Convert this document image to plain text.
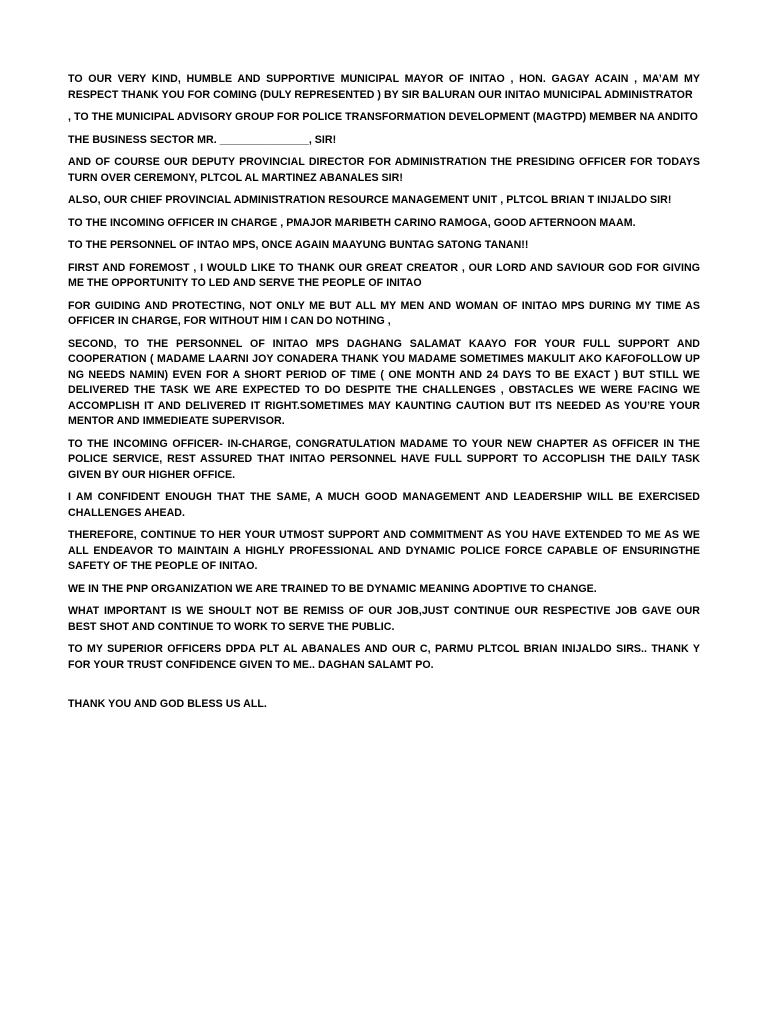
TO OUR VERY KIND, HUMBLE AND SUPPORTIVE MUNICIPAL MAYOR OF INITAO , HON. GAGAY ACAIN , MA’AM MY RESPECT THANK YOU FOR COMING (DULY REPRESENTED ) BY SIR BALURAN OUR INITAO MUNICIPAL ADMINISTRATOR

, TO THE MUNICIPAL ADVISORY GROUP FOR POLICE TRANSFORMATION DEVELOPMENT (MAGTPD) MEMBER NA ANDITO

THE BUSINESS SECTOR MR. _______________, SIR!

AND OF COURSE OUR DEPUTY PROVINCIAL DIRECTOR FOR ADMINISTRATION THE PRESIDING OFFICER FOR TODAYS TURN OVER CEREMONY, PLTCOL AL MARTINEZ ABANALES SIR!

ALSO, OUR CHIEF PROVINCIAL ADMINISTRATION RESOURCE MANAGEMENT UNIT , PLTCOL BRIAN T INIJALDO SIR!

TO THE INCOMING OFFICER IN CHARGE , PMAJOR MARIBETH CARINO RAMOGA, GOOD AFTERNOON MAAM.

TO THE PERSONNEL OF INTAO MPS, ONCE AGAIN MAAYUNG BUNTAG SATONG TANAN!!

FIRST AND FOREMOST , I WOULD LIKE TO THANK OUR GREAT CREATOR , OUR LORD AND SAVIOUR GOD FOR GIVING ME THE OPPORTUNITY TO LED AND SERVE THE PEOPLE OF INITAO

FOR GUIDING AND PROTECTING, NOT ONLY ME BUT ALL MY MEN AND WOMAN OF INITAO MPS DURING MY TIME AS OFFICER IN CHARGE, FOR WITHOUT HIM I CAN DO NOTHING ,

SECOND, TO THE PERSONNEL OF INITAO MPS DAGHANG SALAMAT KAAYO FOR YOUR FULL SUPPORT AND COOPERATION ( MADAME LAARNI JOY CONADERA THANK YOU MADAME SOMETIMES MAKULIT AKO KAFOFOLLOW UP NG NEEDS NAMIN) EVEN FOR A SHORT PERIOD OF TIME ( ONE MONTH AND 24 DAYS TO BE EXACT ) BUT STILL WE DELIVERED THE TASK WE ARE EXPECTED TO DO DESPITE THE CHALLENGES , OBSTACLES WE WERE FACING WE ACCOMPLISH IT AND DELIVERED IT RIGHT.SOMETIMES MAY KAUNTING CAUTION BUT ITS NEEDED AS YOU’RE YOUR MENTOR AND IMMEDIEATE SUPERVISOR.

TO THE INCOMING OFFICER- IN-CHARGE, CONGRATULATION MADAME TO YOUR NEW CHAPTER AS OFFICER IN THE POLICE SERVICE, REST ASSURED THAT INITAO PERSONNEL HAVE FULL SUPPORT TO ACCOPLISH THE DAILY TASK GIVEN BY OUR HIGHER OFFICE.

I AM CONFIDENT ENOUGH THAT THE SAME, A MUCH GOOD MANAGEMENT AND LEADERSHIP WILL BE EXERCISED CHALLENGES AHEAD.

THEREFORE, CONTINUE TO HER YOUR UTMOST SUPPORT AND COMMITMENT AS YOU HAVE EXTENDED TO ME AS WE ALL ENDEAVOR TO MAINTAIN A HIGHLY PROFESSIONAL AND DYNAMIC POLICE FORCE CAPABLE OF ENSURINGTHE SAFETY OF THE PEOPLE OF INITAO.

WE IN THE PNP ORGANIZATION WE ARE TRAINED TO BE DYNAMIC MEANING ADOPTIVE TO CHANGE.

WHAT IMPORTANT IS WE SHOULT NOT BE REMISS OF OUR JOB,JUST CONTINUE OUR RESPECTIVE JOB GAVE OUR BEST SHOT AND CONTINUE TO WORK TO SERVE THE PUBLIC.

TO MY SUPERIOR OFFICERS DPDA PLT AL ABANALES AND OUR C, PARMU PLTCOL BRIAN INIJALDO SIRS.. THANK Y FOR YOUR TRUST CONFIDENCE GIVEN TO ME.. DAGHAN SALAMT PO.

THANK YOU AND GOD BLESS US ALL.
